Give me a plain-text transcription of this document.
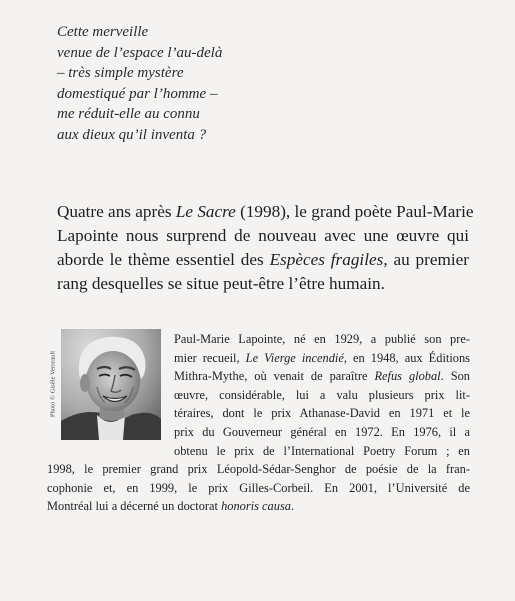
Cette merveille
venue de l’espace l’au-delà
– très simple mystère
domestiqué par l’homme –
me réduit-elle au connu
aux dieux qu’il inventa ?
Quatre ans après Le Sacre (1998), le grand poète Paul-Marie
Lapointe nous surprend de nouveau avec une œuvre qui
aborde le thème essentiel des Espèces fragiles, au premier
rang desquelles se situe peut-être l’être humain.
Photo © Gisèle Verreault
Paul-Marie Lapointe, né en 1929, a publié son pre-
mier recueil, Le Vierge incendié, en 1948, aux Éditions
Mithra-Mythe, où venait de paraître Refus global. Son
œuvre, considérable, lui a valu plusieurs prix lit-
téraires, dont le prix Athanase-David en 1971 et le
prix du Gouverneur général en 1972. En 1976, il a
obtenu le prix de l’International Poetry Forum ; en
1998, le premier grand prix Léopold-Sédar-Senghor de poésie de la fran-
cophonie et, en 1999, le prix Gilles-Corbeil. En 2001, l’Université de
Montréal lui a décerné un doctorat honoris causa.
